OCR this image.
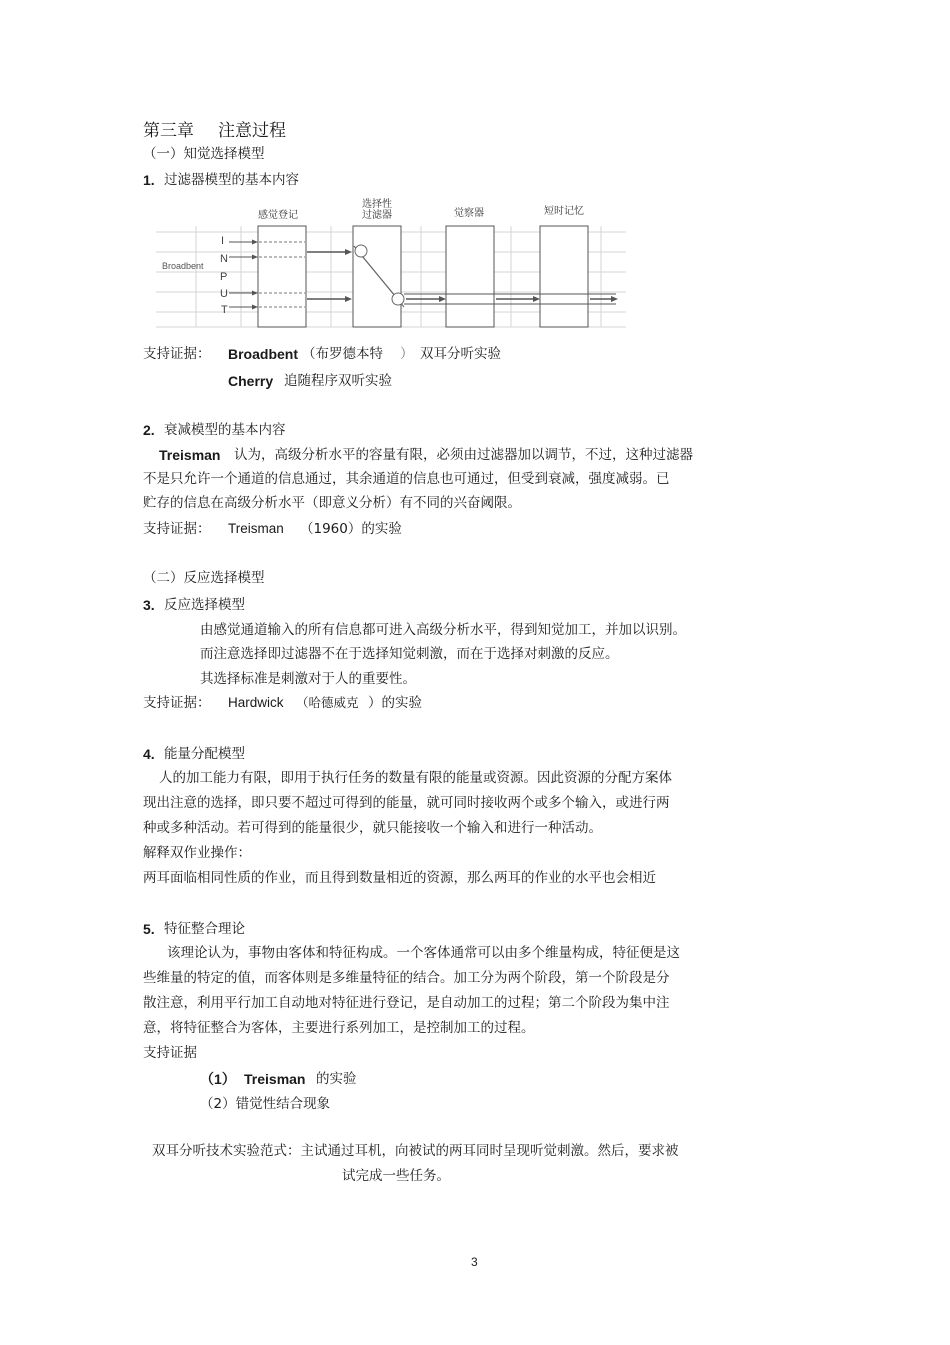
第三章 注意过程
（一）知觉选择模型
1. 过滤器模型的基本内容
感觉登记
选择性
过滤器	觉察器	短时记忆
Broadbent
I
N
P
U
T
支持证据： Broadbent （布罗德本特 ） 双耳分听实验
Cherry 追随程序双听实验
2. 衰减模型的基本内容
Treisman 认为，高级分析水平的容量有限，必须由过滤器加以调节，不过，这种过滤器
不是只允许一个通道的信息通过，其余通道的信息也可通过，但受到衰减，强度减弱。已
贮存的信息在高级分析水平（即意义分析）有不同的兴奋阈限。
支持证据： Treisman （1960）的实验
（二）反应选择模型
3. 反应选择模型
由感觉通道输入的所有信息都可进入高级分析水平，得到知觉加工，并加以识别。
而注意选择即过滤器不在于选择知觉刺激，而在于选择对刺激的反应。
其选择标准是刺激对于人的重要性。
支持证据： Hardwick （哈德威克 ）的实验
4. 能量分配模型
人的加工能力有限，即用于执行任务的数量有限的能量或资源。因此资源的分配方案体
现出注意的选择，即只要不超过可得到的能量，就可同时接收两个或多个输入，或进行两
种或多种活动。若可得到的能量很少，就只能接收一个输入和进行一种活动。
解释双作业操作：
两耳面临相同性质的作业，而且得到数量相近的资源，那么两耳的作业的水平也会相近
5. 特征整合理论
该理论认为，事物由客体和特征构成。一个客体通常可以由多个维量构成，特征便是这
些维量的特定的值，而客体则是多维量特征的结合。加工分为两个阶段，第一个阶段是分
散注意，利用平行加工自动地对特征进行登记，是自动加工的过程；第二个阶段为集中注
意，将特征整合为客体，主要进行系列加工，是控制加工的过程。
支持证据
（1） Treisman 的实验
（2）错觉性结合现象
双耳分听技术实验范式：主试通过耳机，向被试的两耳同时呈现听觉刺激。然后，要求被
试完成一些任务。
3
